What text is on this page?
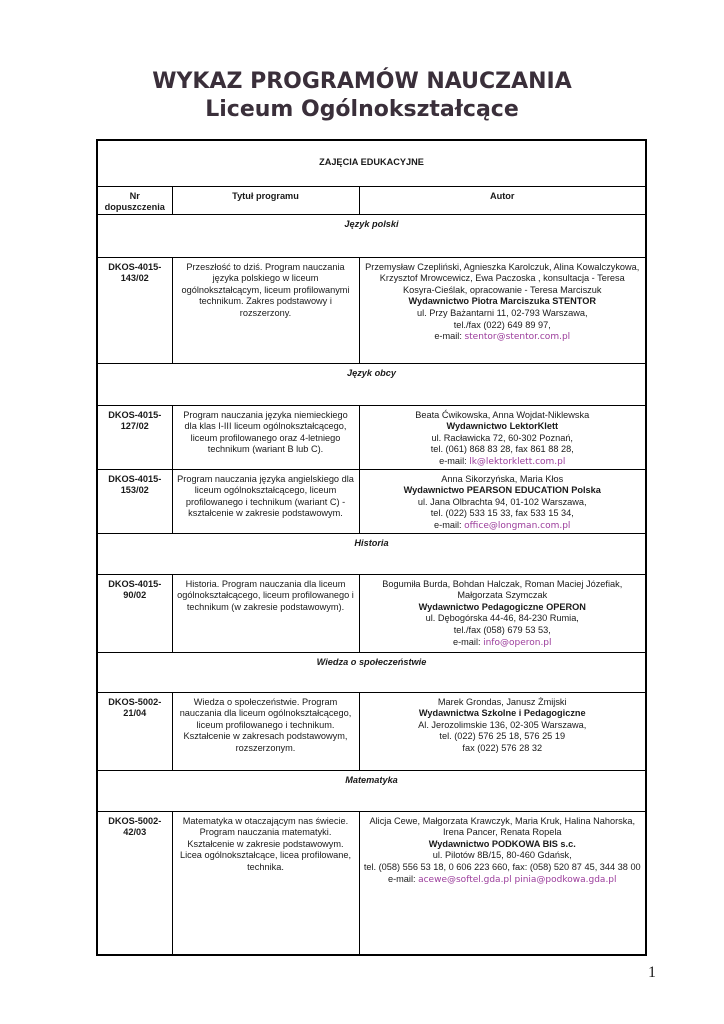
WYKAZ PROGRAMÓW NAUCZANIA
Liceum Ogólnokształcące
ZAJĘCIA EDUKACYJNE		

Nr
dopuszczenia	Tytuł programu	Autor
Język polski		
DKOS-4015-143/02	Przeszłość to dziś. Program nauczania języka polskiego w liceum ogólnokształcącym, liceum profilowanymi technikum. Zakres podstawowy i rozszerzony.	Przemysław Czepliński, Agnieszka Karolczuk, Alina Kowalczykowa, Krzysztof Mrowcewicz, Ewa Paczoska , konsultacja - Teresa Kosyra-Cieślak, opracowanie - Teresa Marciszuk
Wydawnictwo Piotra Marciszuka STENTOR
ul. Przy Bażantarni 11, 02-793 Warszawa,
tel./fax (022) 649 89 97,
e-mail: stentor@stentor.com.pl

Język obcy		
DKOS-4015-127/02	Program nauczania języka niemieckiego dla klas I-III liceum ogólnokształcącego, liceum profilowanego oraz 4-letniego technikum (wariant B lub C).	Beata Ćwikowska, Anna Wojdat-Niklewska
Wydawnictwo LektorKlett
ul. Racławicka 72, 60-302 Poznań,
tel. (061) 868 83 28, fax 861 88 28,
e-mail: lk@lektorklett.com.pl

DKOS-4015-153/02	Program nauczania języka angielskiego dla liceum ogólnokształcącego, liceum profilowanego i technikum (wariant C) - kształcenie w zakresie podstawowym.	Anna Sikorzyńska, Maria Kłos
Wydawnictwo PEARSON EDUCATION Polska
ul. Jana Olbrachta 94, 01-102 Warszawa,
tel. (022) 533 15 33, fax 533 15 34,
e-mail: office@longman.com.pl

Historia		
DKOS-4015-90/02	Historia. Program nauczania dla liceum ogólnokształcącego, liceum profilowanego i technikum (w zakresie podstawowym).	Bogumiła Burda, Bohdan Halczak, Roman Maciej Józefiak, Małgorzata Szymczak
Wydawnictwo Pedagogiczne OPERON
ul. Dębogórska 44-46, 84-230 Rumia,
tel./fax (058) 679 53 53,
e-mail: info@operon.pl

Wiedza o społeczeństwie		
DKOS-5002-21/04	Wiedza o społeczeństwie. Program nauczania dla liceum ogólnokształcącego, liceum profilowanego i technikum. Kształcenie w zakresach podstawowym, rozszerzonym.	Marek Grondas, Janusz Żmijski
Wydawnictwa Szkolne i Pedagogiczne
Al. Jerozolimskie 136, 02-305 Warszawa,
tel. (022) 576 25 18, 576 25 19
fax (022) 576 28 32

Matematyka		
DKOS-5002-42/03	Matematyka w otaczającym nas świecie. Program nauczania matematyki. Kształcenie w zakresie podstawowym. Licea ogólnokształcące, licea profilowane, technika.	Alicja Cewe, Małgorzata Krawczyk, Maria Kruk, Halina Nahorska, Irena Pancer, Renata Ropela
Wydawnictwo PODKOWA BIS s.c.
ul. Pilotów 8B/15, 80-460 Gdańsk,
tel. (058) 556 53 18, 0 606 223 660, fax: (058) 520 87 45, 344 38 00
e-mail: acewe@softel.gda.pl pinia@podkowa.gda.pl
1
